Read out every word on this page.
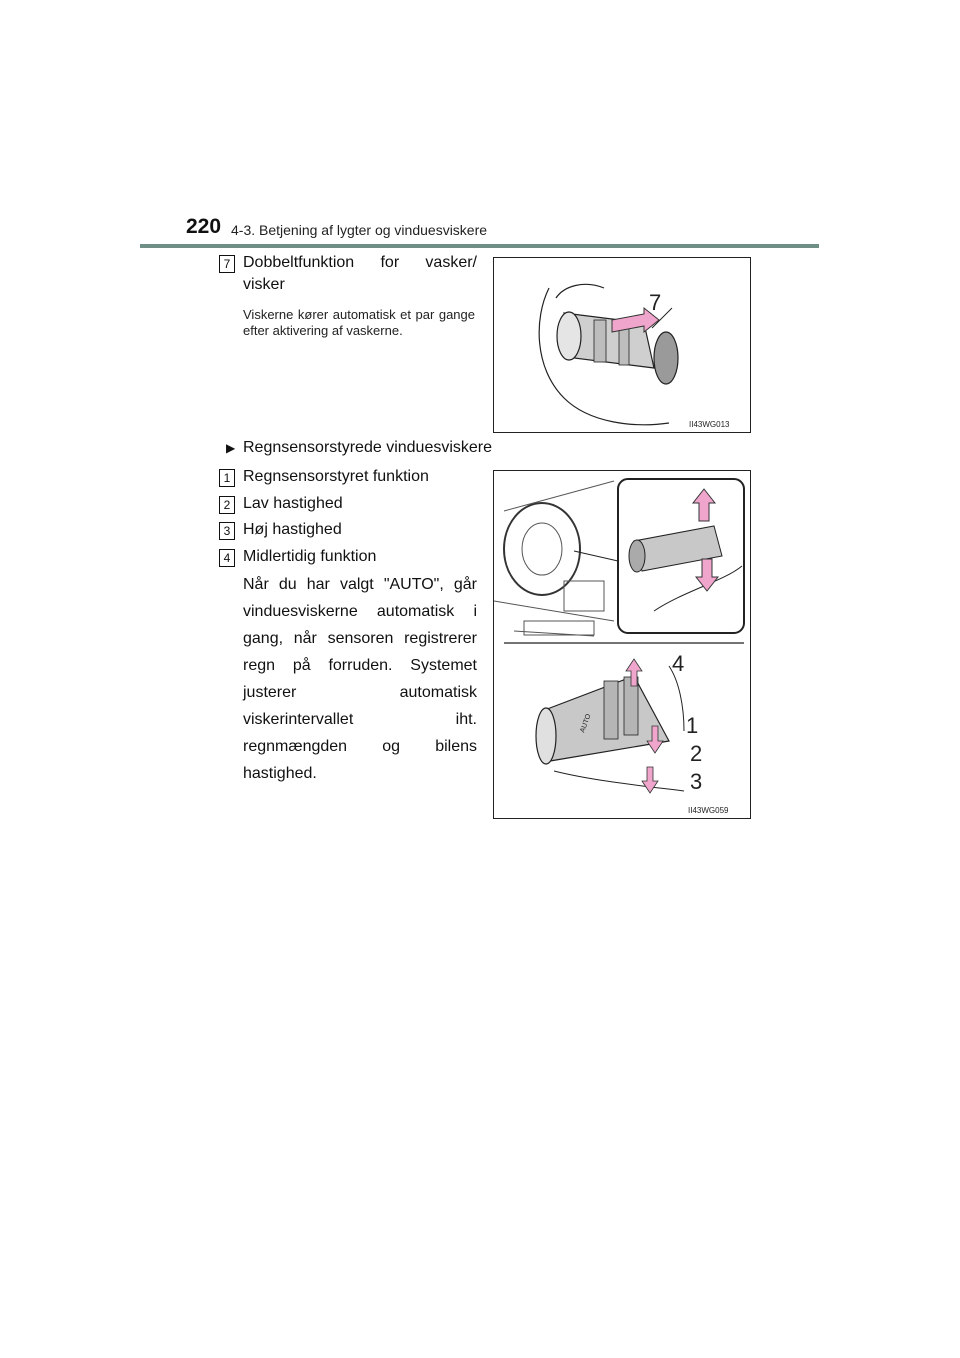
220 4-3. Betjening af lygter og vinduesviskere
7 Dobbeltfunktion for vasker/
visker
Viskerne kører automatisk et par gange efter aktivering af vaskerne.
7
II43WG013
▶ Regnsensorstyrede vinduesviskere
1 Regnsensorstyret funktion
2 Lav hastighed
3 Høj hastighed
4 Midlertidig funktion
Når du har valgt "AUTO", går vinduesviskerne automatisk i gang, når sensoren registrerer regn på forruden. Systemet justerer automatisk viskerintervallet iht. regnmængden og bilens hastighed.
AUTO
4
1
2
3
II43WG059
